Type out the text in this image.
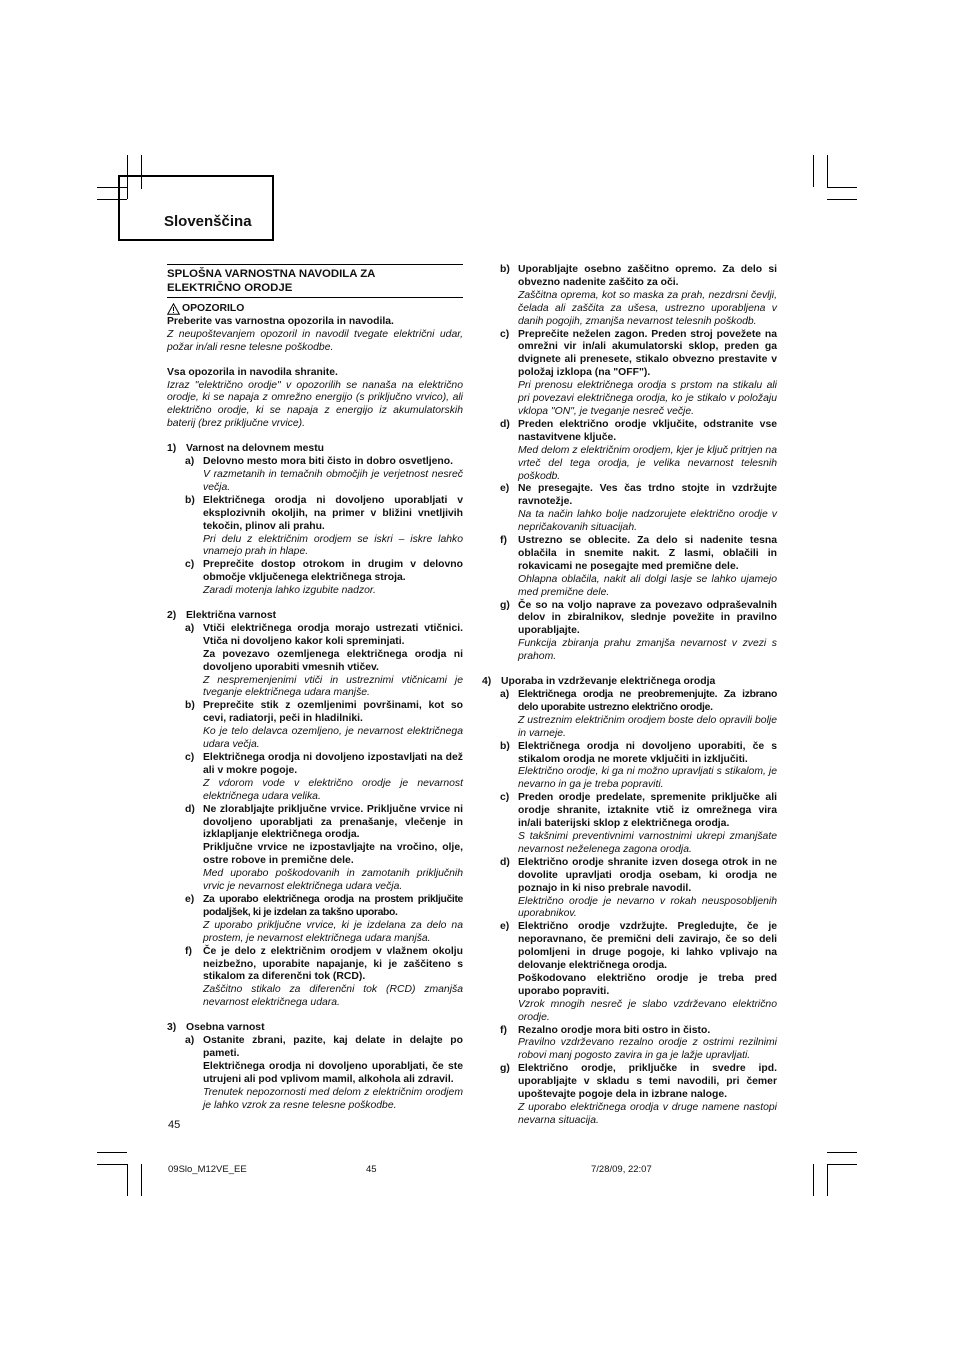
Slovenščina
SPLOŠNA VARNOSTNA NAVODILA ZA
ELEKTRIČNO ORODJE
OPOZORILO
Preberite vas varnostna opozorila in navodila.
Z neupoštevanjem opozoril in navodil tvegate električni udar, požar in/ali resne telesne poškodbe.
Vsa opozorila in navodila shranite.
Izraz "električno orodje" v opozorilih se nanaša na električno orodje, ki se napaja z omrežno energijo (s priključno vrvico), ali električno orodje, ki se napaja z energijo iz akumulatorskih baterij (brez priključne vrvice).
1) Varnost na delovnem mestu
a) Delovno mesto mora biti čisto in dobro osvetljeno.
V razmetanih in temačnih območjih je verjetnost nesreč večja.
b) Električnega orodja ni dovoljeno uporabljati v eksplozivnih okoljih, na primer v bližini vnetljivih tekočin, plinov ali prahu.
Pri delu z električnim orodjem se iskri – iskre lahko vnamejo prah in hlape.
c) Preprečite dostop otrokom in drugim v delovno območje vključenega električnega stroja.
Zaradi motenja lahko izgubite nadzor.
2) Električna varnost
a) Vtiči električnega orodja morajo ustrezati vtičnici. Vtiča ni dovoljeno kakor koli spreminjati.
Za povezavo ozemljenega električnega orodja ni dovoljeno uporabiti vmesnih vtičev.
Z nespremenjenimi vtiči in ustreznimi vtičnicami je tveganje električnega udara manjše.
b) Preprečite stik z ozemljenimi površinami, kot so cevi, radiatorji, peči in hladilniki.
Ko je telo delavca ozemljeno, je nevarnost električnega udara večja.
c) Električnega orodja ni dovoljeno izpostavljati na dež ali v mokre pogoje.
Z vdorom vode v električno orodje je nevarnost električnega udara velika.
d) Ne zlorabljajte priključne vrvice. Priključne vrvice ni dovoljeno uporabljati za prenašanje, vlečenje in izklapljanje električnega orodja.
Priključne vrvice ne izpostavljajte na vročino, olje, ostre robove in premične dele.
Med uporabo poškodovanih in zamotanih priključnih vrvic je nevarnost električnega udara večja.
e) Za uporabo električnega orodja na prostem priključite podaljšek, ki je izdelan za takšno uporabo.
Z uporabo priključne vrvice, ki je izdelana za delo na prostem, je nevarnost električnega udara manjša.
f)	Če je delo z električnim orodjem v vlažnem okolju neizbežno, uporabite napajanje, ki je zaščiteno s stikalom za diferenčni tok (RCD).
Zaščitno stikalo za diferenčni tok (RCD) zmanjša nevarnost električnega udara.
3) Osebna varnost
a) Ostanite zbrani, pazite, kaj delate in delajte po pameti.
Električnega orodja ni dovoljeno uporabljati, če ste utrujeni ali pod vplivom mamil, alkohola ali zdravil.
Trenutek nepozornosti med delom z električnim orodjem je lahko vzrok za resne telesne poškodbe.
b) Uporabljajte osebno zaščitno opremo. Za delo si obvezno nadenite zaščito za oči.
Zaščitna oprema, kot so maska za prah, nezdrsni čevlji, čelada ali zaščita za ušesa, ustrezno uporabljena v danih pogojih, zmanjša nevarnost telesnih poškodb.
c) Preprečite neželen zagon. Preden stroj povežete na omrežni vir in/ali akumulatorski sklop, preden ga dvignete ali prenesete, stikalo obvezno prestavite v položaj izklopa (na "OFF").
Pri prenosu električnega orodja s prstom na stikalu ali pri povezavi električnega orodja, ko je stikalo v položaju vklopa "ON", je tveganje nesreč večje.
d) Preden električno orodje vključite, odstranite vse nastavitvene ključe.
Med delom z električnim orodjem, kjer je ključ pritrjen na vrteč del tega orodja, je velika nevarnost telesnih poškodb.
e) Ne presegajte. Ves čas trdno stojte in vzdržujte ravnotežje.
Na ta način lahko bolje nadzorujete električno orodje v nepričakovanih situacijah.
f)	Ustrezno se oblecite. Za delo si nadenite tesna oblačila in snemite nakit. Z lasmi, oblačili in rokavicami ne posegajte med premične dele.
Ohlapna oblačila, nakit ali dolgi lasje se lahko ujamejo med premične dele.
g) Če so na voljo naprave za povezavo odpraševalnih delov in zbiralnikov, slednje povežite in pravilno uporabljajte.
Funkcija zbiranja prahu zmanjša nevarnost v zvezi s prahom.
4) Uporaba in vzdrževanje električnega orodja
a) Električnega orodja ne preobremenjujte. Za izbrano delo uporabite ustrezno električno orodje.
Z ustreznim električnim orodjem boste delo opravili bolje in varneje.
b) Električnega orodja ni dovoljeno uporabiti, če s stikalom orodja ne morete vključiti in izključiti.
Električno orodje, ki ga ni možno upravljati s stikalom, je nevarno in ga je treba popraviti.
c) Preden orodje predelate, spremenite priključke ali orodje shranite, iztaknite vtič iz omrežnega vira in/ali baterijski sklop z električnega orodja.
S takšnimi preventivnimi varnostnimi ukrepi zmanjšate nevarnost neželenega zagona orodja.
d) Električno orodje shranite izven dosega otrok in ne dovolite upravljati orodja osebam, ki orodja ne poznajo in ki niso prebrale navodil.
Električno orodje je nevarno v rokah neusposobljenih uporabnikov.
e) Električno orodje vzdržujte. Pregledujte, če je neporavnano, če premični deli zavirajo, če so deli polomljeni in druge pogoje, ki lahko vplivajo na delovanje električnega orodja.
Poškodovano električno orodje je treba pred uporabo popraviti.
Vzrok mnogih nesreč je slabo vzdrževano električno orodje.
f)	Rezalno orodje mora biti ostro in čisto.
Pravilno vzdrževano rezalno orodje z ostrimi rezilnimi robovi manj pogosto zavira in ga je lažje upravljati.
g) Električno orodje, priključke in svedre ipd. uporabljajte v skladu s temi navodili, pri čemer upoštevajte pogoje dela in izbrane naloge.
Z uporabo električnega orodja v druge namene nastopi nevarna situacija.
45
09Slo_M12VE_EE	45	7/28/09, 22:07
